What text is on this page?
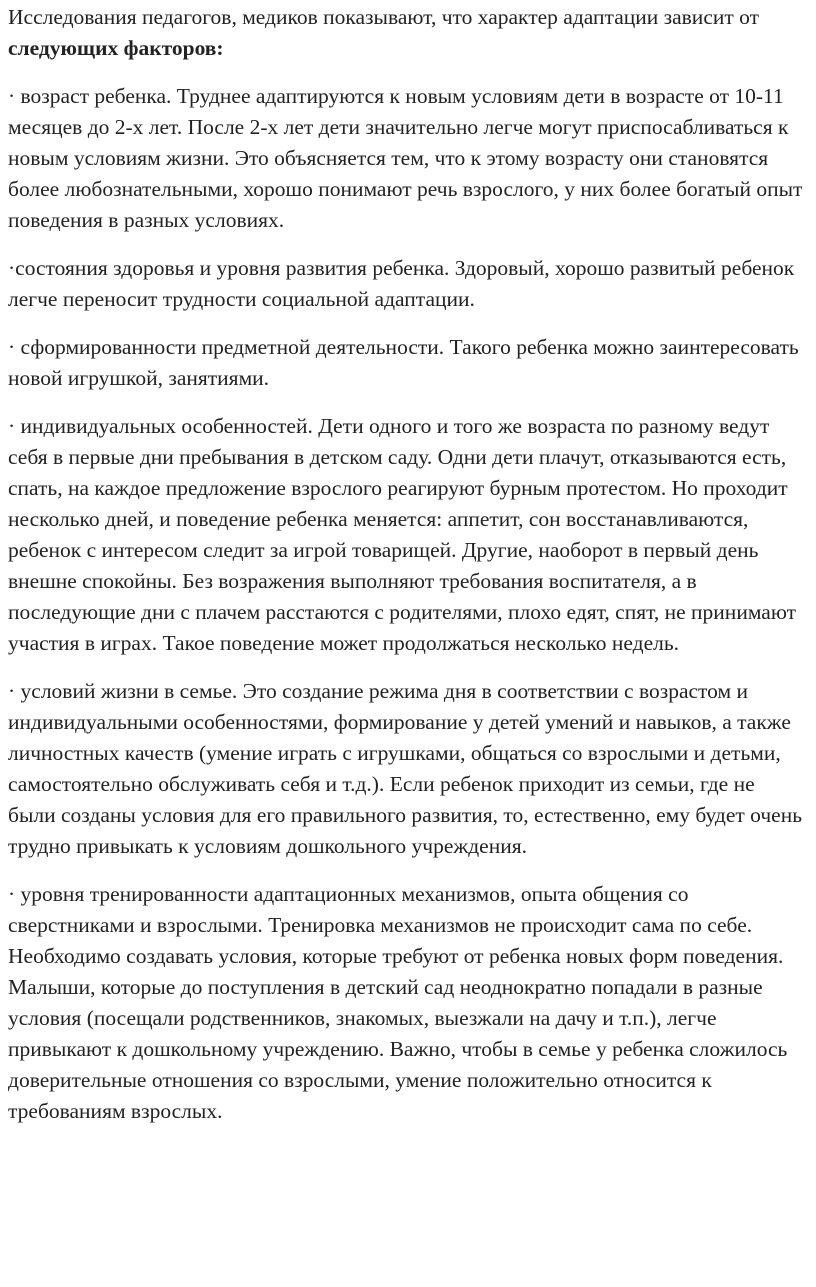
Исследования педагогов, медиков показывают, что характер адаптации зависит от следующих факторов:

· возраст ребенка. Труднее адаптируются к новым условиям дети в возрасте от 10-11 месяцев до 2-х лет. После 2-х лет дети значительно легче могут приспосабливаться к новым условиям жизни. Это объясняется тем, что к этому возрасту они становятся более любознательными, хорошо понимают речь взрослого, у них более богатый опыт поведения в разных условиях.

·состояния здоровья и уровня развития ребенка. Здоровый, хорошо развитый ребенок легче переносит трудности социальной адаптации.

· сформированности предметной деятельности. Такого ребенка можно заинтересовать новой игрушкой, занятиями.

· индивидуальных особенностей. Дети одного и того же возраста по разному ведут себя в первые дни пребывания в детском саду. Одни дети плачут, отказываются есть, спать, на каждое предложение взрослого реагируют бурным протестом. Но проходит несколько дней, и поведение ребенка меняется: аппетит, сон восстанавливаются, ребенок с интересом следит за игрой товарищей. Другие, наоборот в первый день внешне спокойны. Без возражения выполняют требования воспитателя, а в последующие дни с плачем расстаются с родителями, плохо едят, спят, не принимают участия в играх. Такое поведение может продолжаться несколько недель.

· условий жизни в семье. Это создание режима дня в соответствии с возрастом и индивидуальными особенностями, формирование у детей умений и навыков, а также личностных качеств (умение играть с игрушками, общаться со взрослыми и детьми, самостоятельно обслуживать себя и т.д.). Если ребенок приходит из семьи, где не были созданы условия для его правильного развития, то, естественно, ему будет очень трудно привыкать к условиям дошкольного учреждения.

· уровня тренированности адаптационных механизмов, опыта общения со сверстниками и взрослыми. Тренировка механизмов не происходит сама по себе. Необходимо создавать условия, которые требуют от ребенка новых форм поведения. Малыши, которые до поступления в детский сад неоднократно попадали в разные условия (посещали родственников, знакомых, выезжали на дачу и т.п.), легче привыкают к дошкольному учреждению. Важно, чтобы в семье у ребенка сложилось доверительные отношения со взрослыми, умение положительно относится к требованиям взрослых.
